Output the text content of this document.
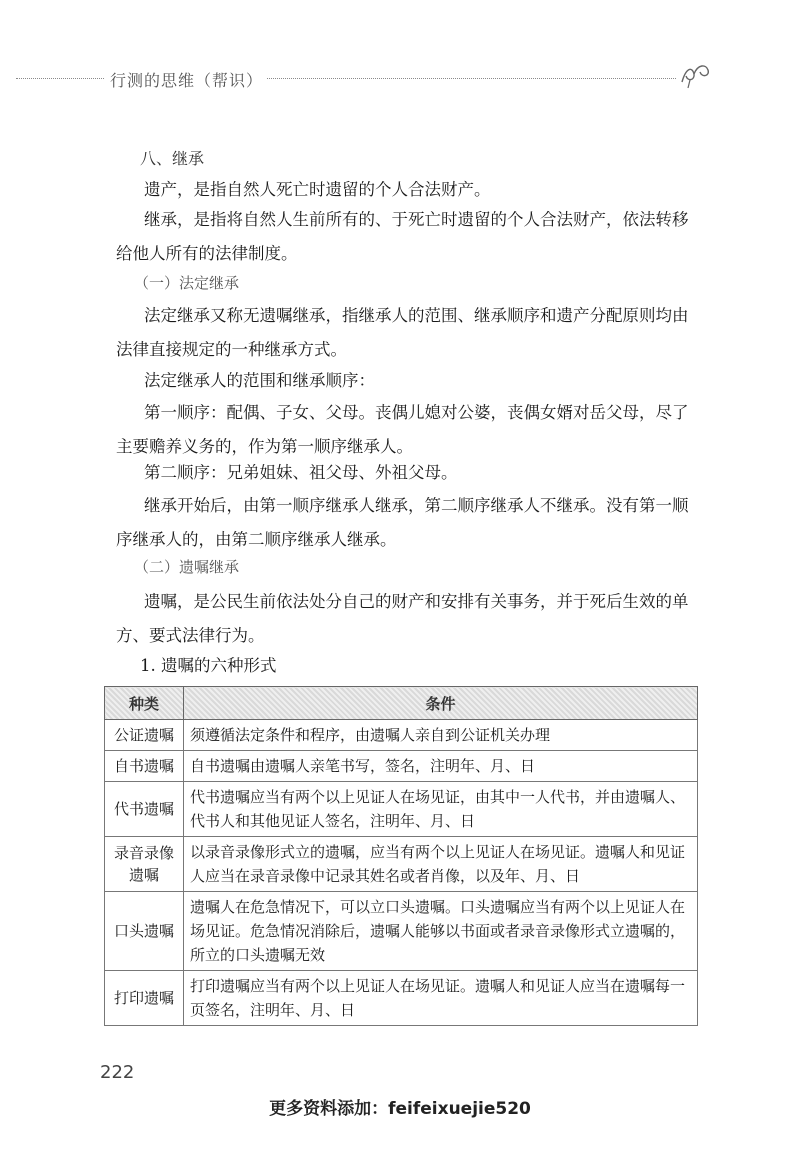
行测的思维（帮识）
八、继承

遗产，是指自然人死亡时遗留的个人合法财产。

继承，是指将自然人生前所有的、于死亡时遗留的个人合法财产，依法转移给他人所有的法律制度。

（一）法定继承

法定继承又称无遗嘱继承，指继承人的范围、继承顺序和遗产分配原则均由法律直接规定的一种继承方式。

法定继承人的范围和继承顺序：

第一顺序：配偶、子女、父母。丧偶儿媳对公婆，丧偶女婿对岳父母，尽了主要赡养义务的，作为第一顺序继承人。

第二顺序：兄弟姐妹、祖父母、外祖父母。

继承开始后，由第一顺序继承人继承，第二顺序继承人不继承。没有第一顺序继承人的，由第二顺序继承人继承。

（二）遗嘱继承

遗嘱，是公民生前依法处分自己的财产和安排有关事务，并于死后生效的单方、要式法律行为。

1. 遗嘱的六种形式
种类	条件
公证遗嘱	须遵循法定条件和程序，由遗嘱人亲自到公证机关办理
自书遗嘱	自书遗嘱由遗嘱人亲笔书写，签名，注明年、月、日
代书遗嘱	代书遗嘱应当有两个以上见证人在场见证，由其中一人代书，并由遗嘱人、代书人和其他见证人签名，注明年、月、日
录音录像遗嘱	以录音录像形式立的遗嘱，应当有两个以上见证人在场见证。遗嘱人和见证人应当在录音录像中记录其姓名或者肖像，以及年、月、日
口头遗嘱	遗嘱人在危急情况下，可以立口头遗嘱。口头遗嘱应当有两个以上见证人在场见证。危急情况消除后，遗嘱人能够以书面或者录音录像形式立遗嘱的，所立的口头遗嘱无效
打印遗嘱	打印遗嘱应当有两个以上见证人在场见证。遗嘱人和见证人应当在遗嘱每一页签名，注明年、月、日
222
更多资料添加：feifeixuejie520
